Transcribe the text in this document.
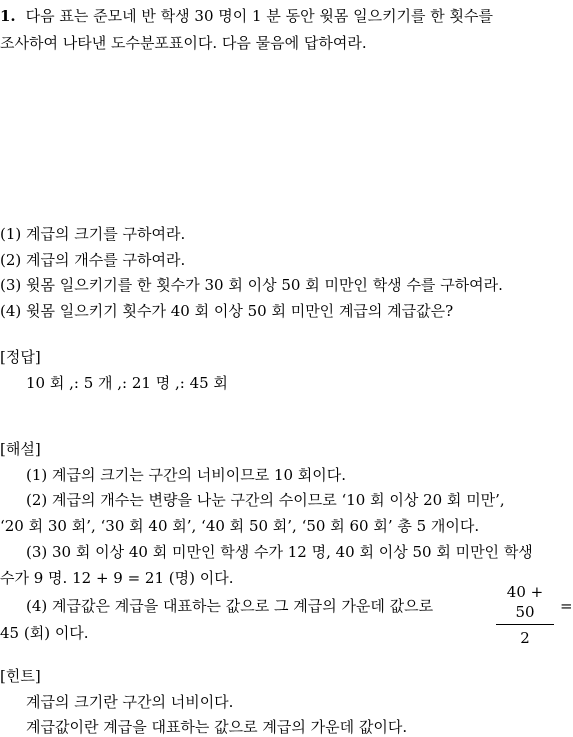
1. 다음 표는 준모네 반 학생 30 명이 1 분 동안 윗몸 일으키기를 한 횟수를
조사하여 나타낸 도수분포표이다. 다음 물음에 답하여라.
(1) 계급의 크기를 구하여라.
(2) 계급의 개수를 구하여라.
(3) 윗몸 일으키기를 한 횟수가 30 회 이상 50 회 미만인 학생 수를 구하여라.
(4) 윗몸 일으키기 횟수가 40 회 이상 50 회 미만인 계급의 계급값은?
[정답]
10 회 ,: 5 개 ,: 21 명 ,: 45 회
[해설]
(1) 계급의 크기는 구간의 너비이므로 10 회이다.
(2) 계급의 개수는 변량을 나눈 구간의 수이므로 ‘10 회 이상 20 회 미만’,
‘20 회 30 회’, ‘30 회 40 회’, ‘40 회 50 회’, ‘50 회 60 회’ 총 5 개이다.
(3) 30 회 이상 40 회 미만인 학생 수가 12 명, 40 회 이상 50 회 미만인 학생
수가 9 명. 12 + 9 = 21 (명) 이다.
(4) 계급값은 계급을 대표하는 값으로 그 계급의 가운데 값으로
40 + 50
2
=
45 (회) 이다.
[힌트]
계급의 크기란 구간의 너비이다.
계급값이란 계급을 대표하는 값으로 계급의 가운데 값이다.
